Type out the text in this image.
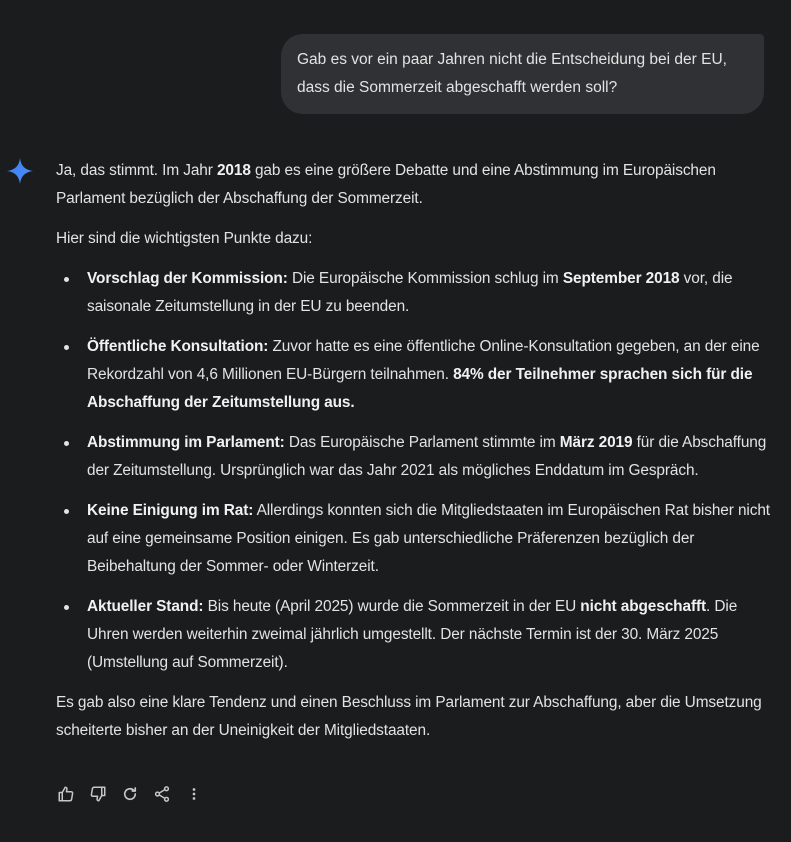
Gab es vor ein paar Jahren nicht die Entscheidung bei der EU,
dass die Sommerzeit abgeschafft werden soll?

Ja, das stimmt. Im Jahr 2018 gab es eine größere Debatte und eine Abstimmung im Europäischen Parlament bezüglich der Abschaffung der Sommerzeit.

Hier sind die wichtigsten Punkte dazu:

Vorschlag der Kommission: Die Europäische Kommission schlug im September 2018 vor, die saisonale Zeitumstellung in der EU zu beenden.
Öffentliche Konsultation: Zuvor hatte es eine öffentliche Online-Konsultation gegeben, an der eine Rekordzahl von 4,6 Millionen EU-Bürgern teilnahmen. 84% der Teilnehmer sprachen sich für die Abschaffung der Zeitumstellung aus.
Abstimmung im Parlament: Das Europäische Parlament stimmte im März 2019 für die Abschaffung der Zeitumstellung. Ursprünglich war das Jahr 2021 als mögliches Enddatum im Gespräch.
Keine Einigung im Rat: Allerdings konnten sich die Mitgliedstaaten im Europäischen Rat bisher nicht auf eine gemeinsame Position einigen. Es gab unterschiedliche Präferenzen bezüglich der Beibehaltung der Sommer- oder Winterzeit.
Aktueller Stand: Bis heute (April 2025) wurde die Sommerzeit in der EU nicht abgeschafft. Die Uhren werden weiterhin zweimal jährlich umgestellt. Der nächste Termin ist der 30. März 2025 (Umstellung auf Sommerzeit).

Es gab also eine klare Tendenz und einen Beschluss im Parlament zur Abschaffung, aber die Umsetzung scheiterte bisher an der Uneinigkeit der Mitgliedstaaten.
